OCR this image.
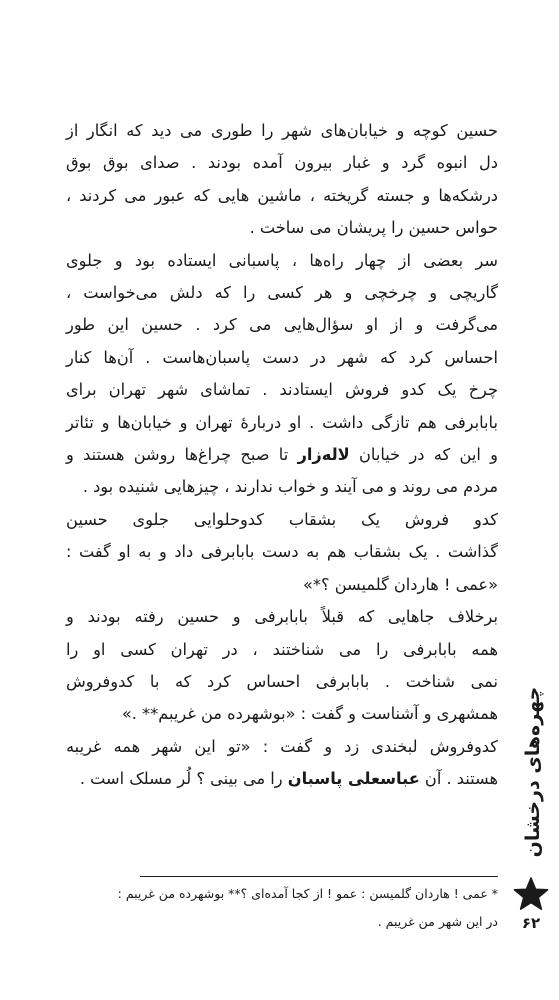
حسین کوچه و خیابان‌های شهر را طوری می دید که انگار از
دل انبوه گرد و غبار بیرون آمده بودند . صدای بوق بوق
درشکه‌ها و جسته گریخته ، ماشین هایی که عبور می کردند ،
حواس حسین را پریشان می ساخت .
سر بعضی از چهار راه‌ها ، پاسبانی ایستاده بود و جلوی
گاریچی و چرخچی و هر کسی را که دلش می‌خواست ،
می‌گرفت و از او سؤال‌هایی می کرد . حسین این طور
احساس کرد که شهر در دست پاسبان‌هاست . آن‌ها کنار
چرخ یک کدو فروش ایستادند . تماشای شهر تهران برای
بابابرفی هم تازگی داشت . او دربارهٔ تهران و خیابان‌ها و تئاتر
و این که در خیابان لاله‌زار تا صبح چراغ‌ها روشن هستند و
مردم می روند و می آیند و خواب ندارند ، چیزهایی شنیده بود .
کدو فروش یک بشقاب کدوحلوایی جلوی حسین
گذاشت . یک بشقاب هم به دست بابابرفی داد و به او گفت :
«عمی ! هاردان گلمیسن ؟*»
برخلاف جاهایی که قبلاً بابابرفی و حسین رفته بودند و
همه بابابرفی را می شناختند ، در تهران کسی او را
نمی شناخت . بابابرفی احساس کرد که با کدوفروش
همشهری و آشناست و گفت : «بوشهرده من غریبم** .»
کدوفروش لبخندی زد و گفت : «تو این شهر همه غریبه
هستند . آن عباسعلی پاسبان را می بینی ؟ لُر مسلک است .
* عمی ! هاردان گلمیسن : عمو ! از کجا آمده‌ای ؟** بوشهرده من غریبم :
در این شهر من غریبم .
چهره‌های درخشان
۶۲
